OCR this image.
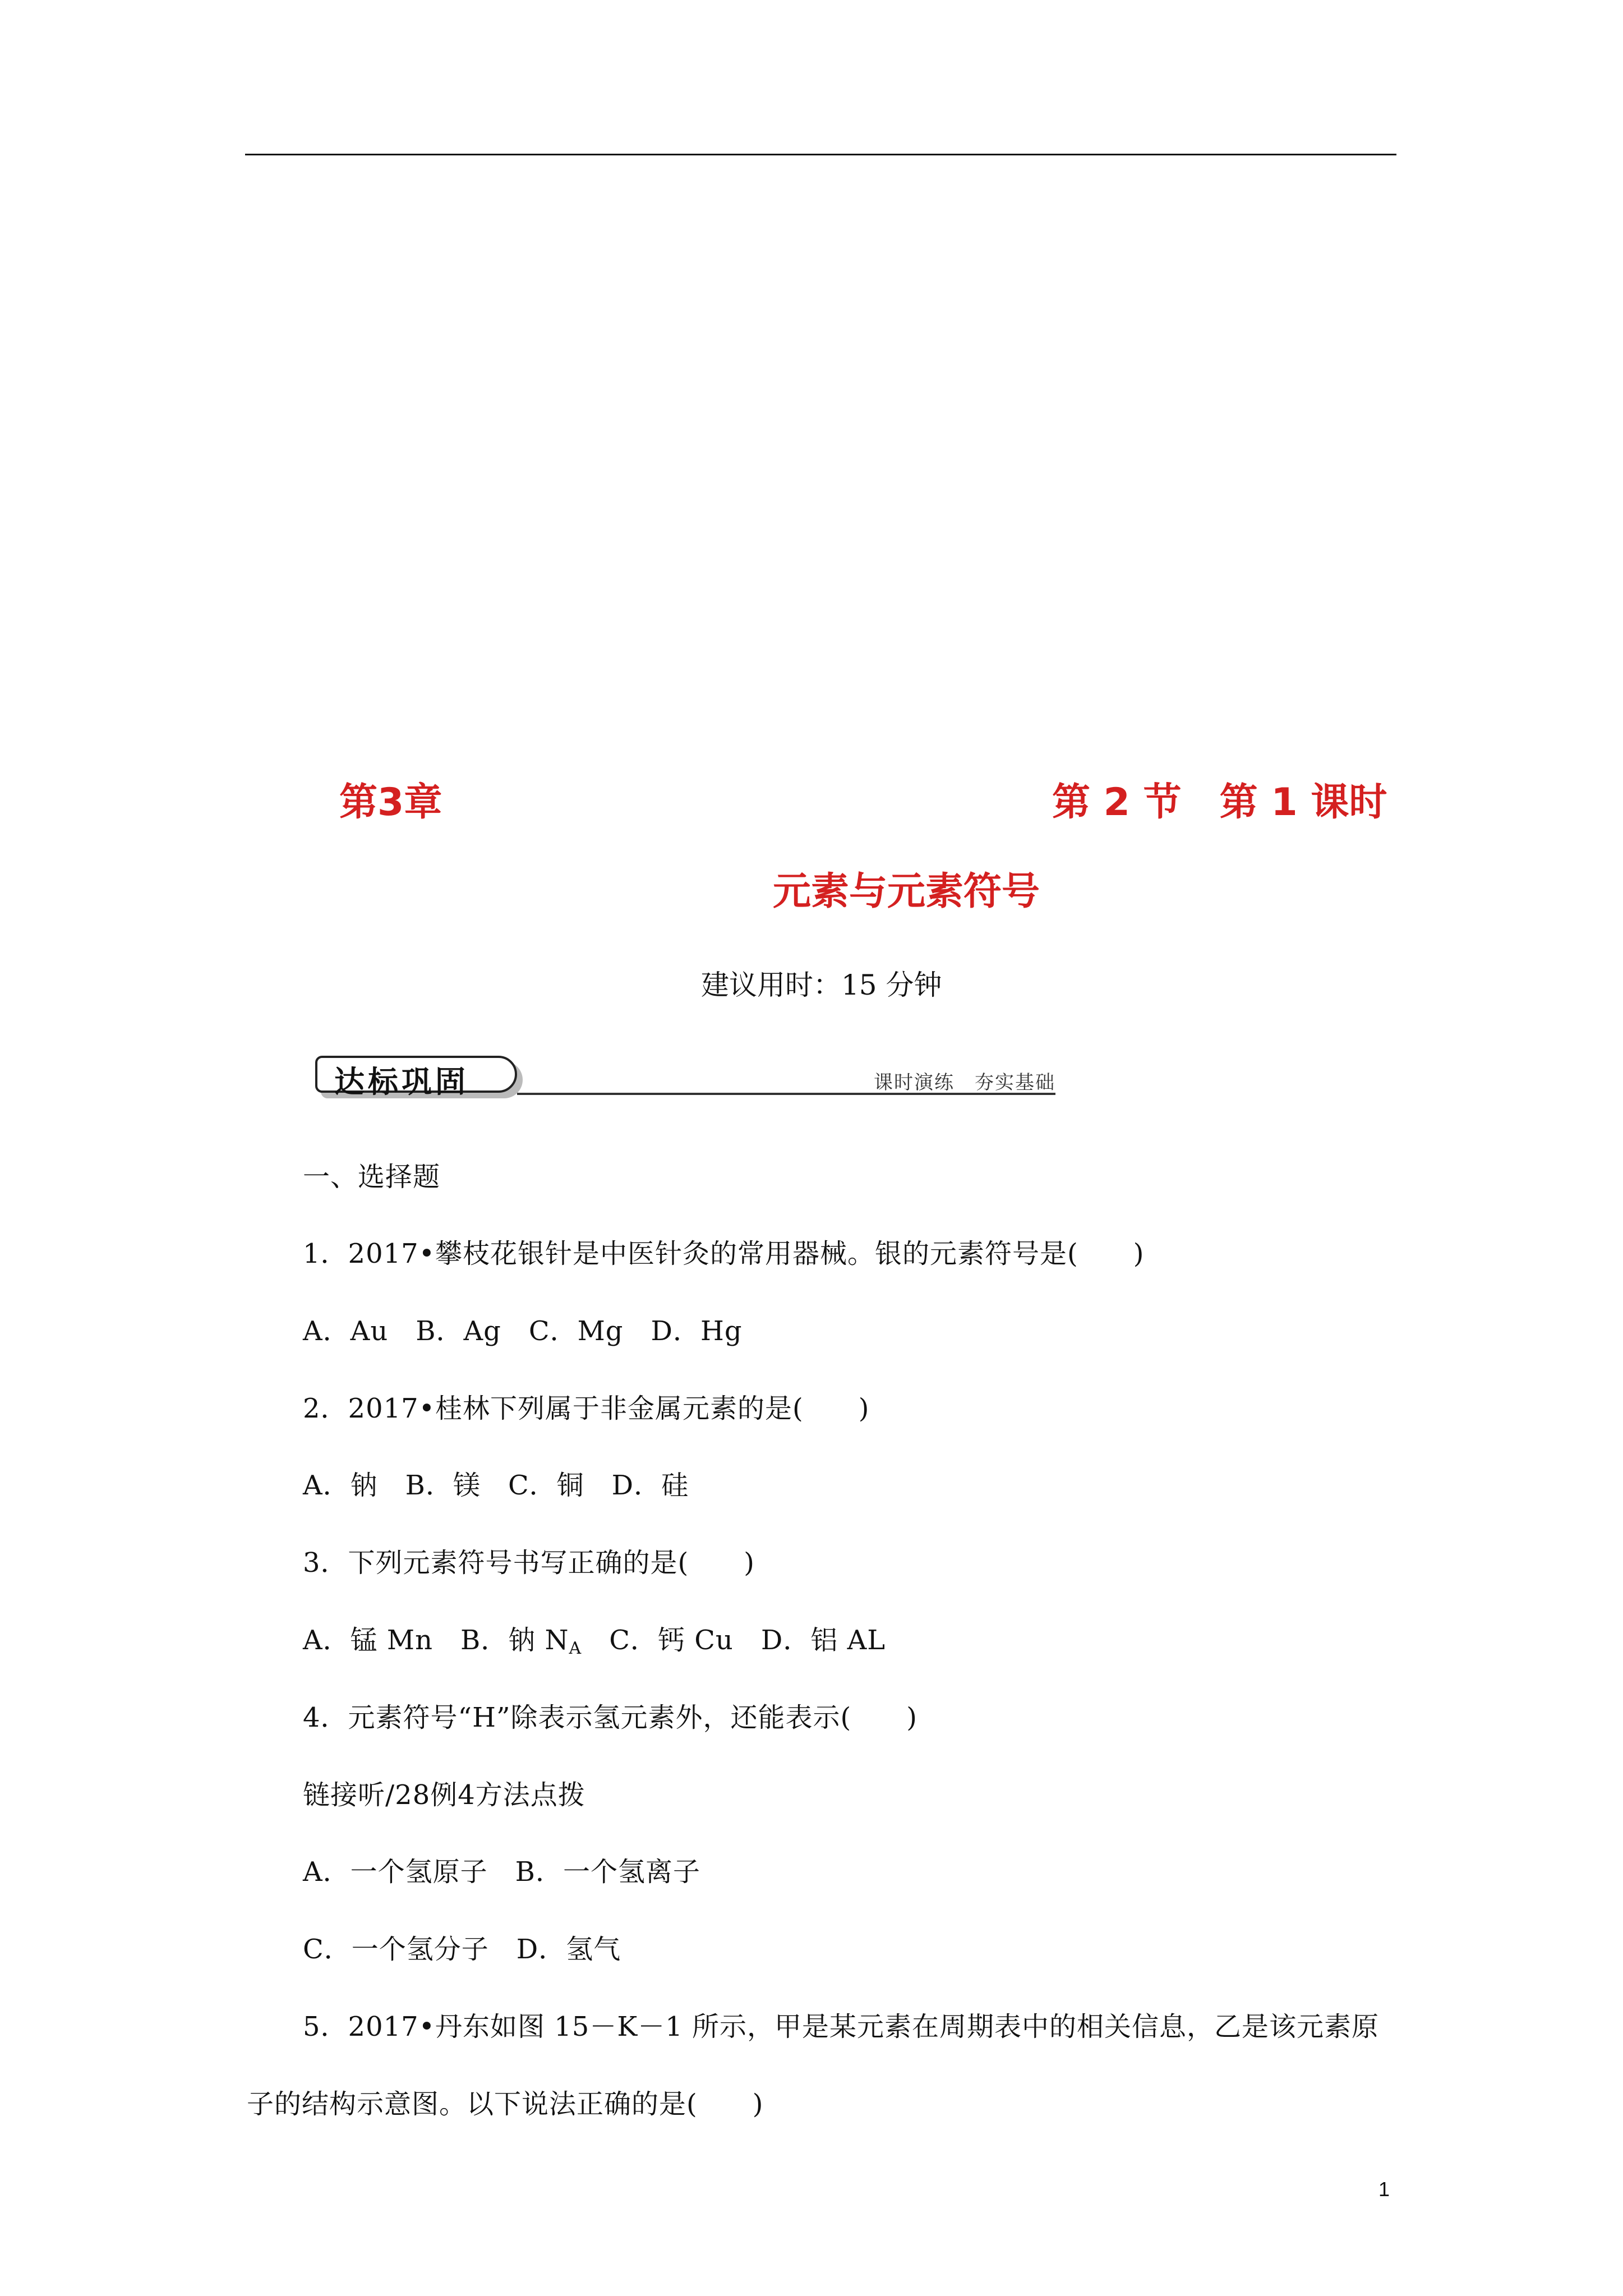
第3章	第 2 节　第 1 课时
元素与元素符号
建议用时：15 分钟
达标巩固	课时演练　夯实基础
一、选择题
1．2017•攀枝花银针是中医针灸的常用器械。银的元素符号是(　　)
A．Au　B．Ag　C．Mg　D．Hg
2．2017•桂林下列属于非金属元素的是(　　)
A．钠　B．镁　C．铜　D．硅
3．下列元素符号书写正确的是(　　)
A．锰 Mn　B．钠 $N_A$　C．钙 Cu　D．铝 AL
4．元素符号“H”除表示氢元素外，还能表示(　　)
链接听/28例4方法点拨
A．一个氢原子　B．一个氢离子
C．一个氢分子　D．氢气
5．2017•丹东如图 15－K－1 所示，甲是某元素在周期表中的相关信息，乙是该元素原
子的结构示意图。以下说法正确的是(　　)
1
